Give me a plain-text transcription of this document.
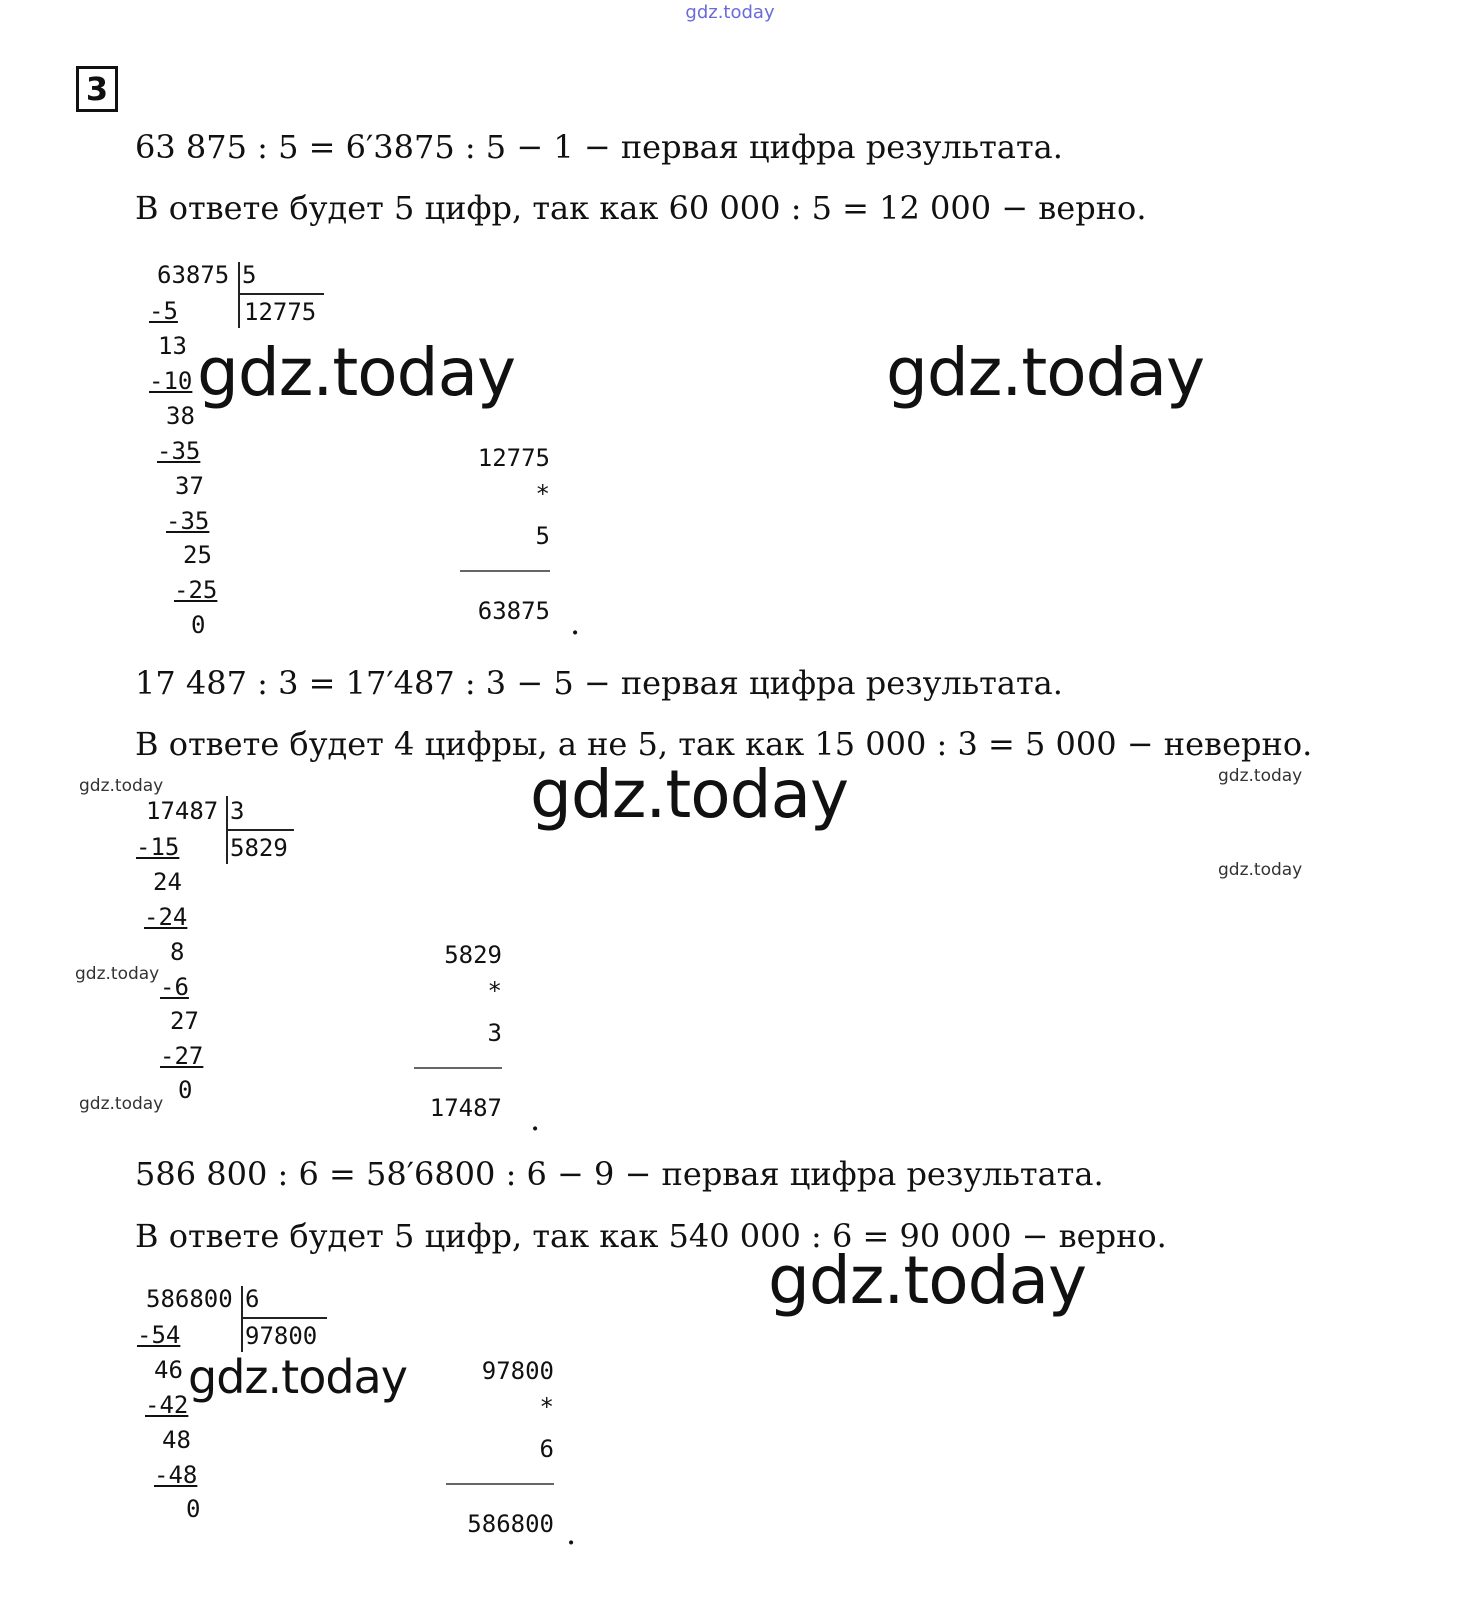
gdz.today
3
63 875 : 5 = 6′3875 : 5 − 1 − первая цифра результата.
В ответе будет 5 цифр, так как 60 000 : 5 = 12 000 − верно.
63875 5
12775
-5
13
-10
38
-35
37
-35
25
-25
0
12775
*
5
63875 .
17 487 : 3 = 17′487 : 3 − 5 − первая цифра результата.
В ответе будет 4 цифры, а не 5, так как 15 000 : 3 = 5 000 − неверно.
17487 3
5829
-15
24
-24
8
-6
27
-27
0
5829
*
3
17487 .
586 800 : 6 = 58′6800 : 6 − 9 − первая цифра результата.
В ответе будет 5 цифр, так как 540 000 : 6 = 90 000 − верно.
586800 6
97800
-54
46
-42
48
-48
0
97800
*
6
586800 .
gdz.today	gdz.today
gdz.today
gdz.today
gdz.today
gdz.today	gdz.today
gdz.today
gdz.today
gdz.today
